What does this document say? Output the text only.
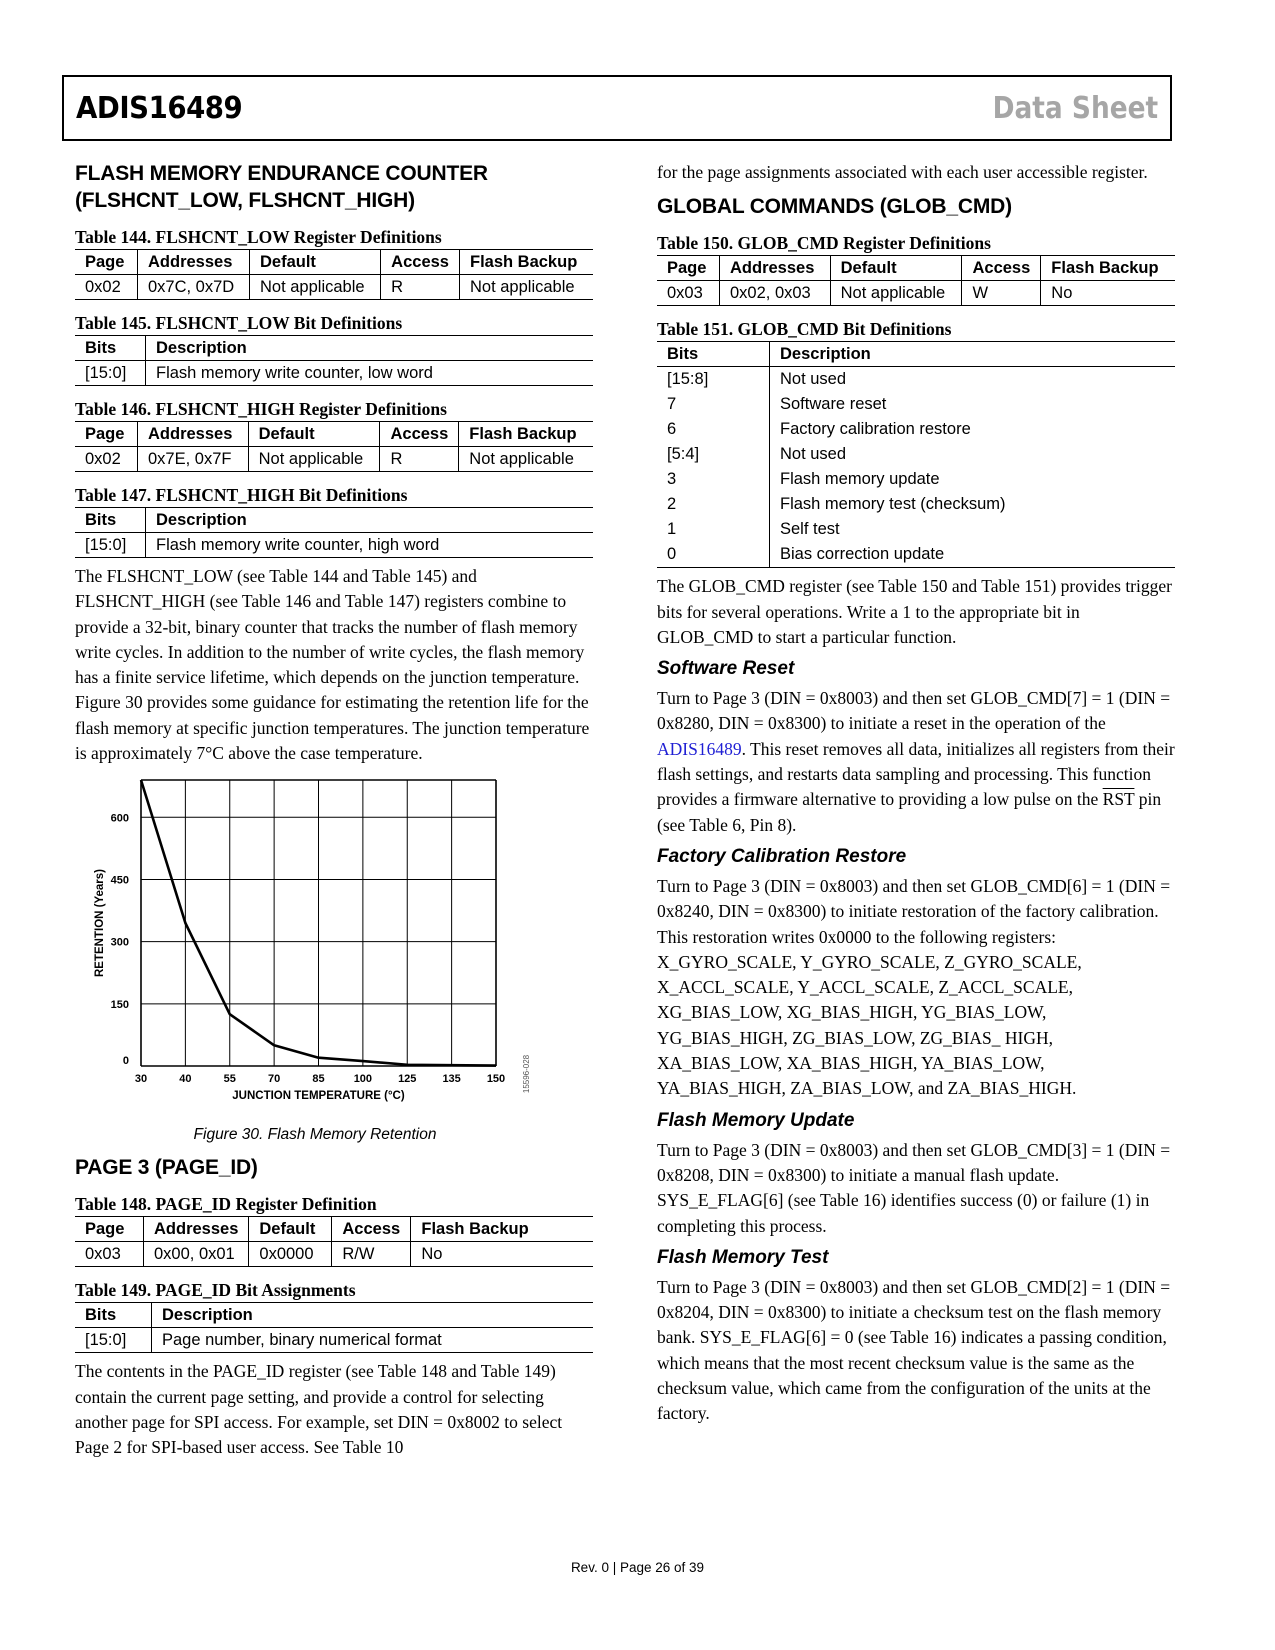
ADIS16489	Data Sheet
FLASH MEMORY ENDURANCE COUNTER (FLSHCNT_LOW, FLSHCNT_HIGH)
Table 144. FLSHCNT_LOW Register Definitions
Page	Addresses	Default	Access	Flash Backup
0x02	0x7C, 0x7D	Not applicable	R	Not applicable
Table 145. FLSHCNT_LOW Bit Definitions
Bits	Description
[15:0]	Flash memory write counter, low word
Table 146. FLSHCNT_HIGH Register Definitions
Page	Addresses	Default	Access	Flash Backup
0x02	0x7E, 0x7F	Not applicable	R	Not applicable
Table 147. FLSHCNT_HIGH Bit Definitions
Bits	Description
[15:0]	Flash memory write counter, high word

The FLSHCNT_LOW (see Table 144 and Table 145) and FLSHCNT_HIGH (see Table 146 and Table 147) registers combine to provide a 32-bit, binary counter that tracks the number of flash memory write cycles. In addition to the number of write cycles, the flash memory has a finite service lifetime, which depends on the junction temperature. Figure 30 provides some guidance for estimating the retention life for the flash memory at specific junction temperatures. The junction temperature is approximately 7°C above the case temperature.

30	40	55	70	85	100 125 135 150
0
150
300
450
600
JUNCTION TEMPERATURE (°C)
RETENTION (Years)
15596-028
Figure 30. Flash Memory Retention
PAGE 3 (PAGE_ID)
Table 148. PAGE_ID Register Definition
Page	Addresses	Default	Access	Flash Backup
0x03	0x00, 0x01	0x0000	R/W	No
Table 149. PAGE_ID Bit Assignments
Bits	Description
[15:0]	Page number, binary numerical format

The contents in the PAGE_ID register (see Table 148 and Table 149) contain the current page setting, and provide a control for selecting another page for SPI access. For example, set DIN = 0x8002 to select Page 2 for SPI-based user access. See Table 10

for the page assignments associated with each user accessible register.

GLOBAL COMMANDS (GLOB_CMD)
Table 150. GLOB_CMD Register Definitions
Page	Addresses	Default	Access	Flash Backup
0x03	0x02, 0x03	Not applicable	W	No
Table 151. GLOB_CMD Bit Definitions
Bits	Description
[15:8]	Not used
7	Software reset
6	Factory calibration restore
[5:4]	Not used
3	Flash memory update
2	Flash memory test (checksum)
1	Self test
0	Bias correction update

The GLOB_CMD register (see Table 150 and Table 151) provides trigger bits for several operations. Write a 1 to the appropriate bit in GLOB_CMD to start a particular function.

Software Reset

Turn to Page 3 (DIN = 0x8003) and then set GLOB_CMD[7] = 1 (DIN = 0x8280, DIN = 0x8300) to initiate a reset in the operation of the ADIS16489. This reset removes all data, initializes all registers from their flash settings, and restarts data sampling and processing. This function provides a firmware alternative to providing a low pulse on the $\overline{RST}$ pin (see Table 6, Pin 8).

Factory Calibration Restore

Turn to Page 3 (DIN = 0x8003) and then set GLOB_CMD[6] = 1 (DIN = 0x8240, DIN = 0x8300) to initiate restoration of the factory calibration. This restoration writes 0x0000 to the following registers: X_GYRO_SCALE, Y_GYRO_SCALE, Z_GYRO_SCALE, X_ACCL_SCALE, Y_ACCL_SCALE, Z_ACCL_SCALE, XG_BIAS_LOW, XG_BIAS_HIGH, YG_BIAS_LOW, YG_BIAS_HIGH, ZG_BIAS_LOW, ZG_BIAS_ HIGH, XA_BIAS_LOW, XA_BIAS_HIGH, YA_BIAS_LOW, YA_BIAS_HIGH, ZA_BIAS_LOW, and ZA_BIAS_HIGH.

Flash Memory Update

Turn to Page 3 (DIN = 0x8003) and then set GLOB_CMD[3] = 1 (DIN = 0x8208, DIN = 0x8300) to initiate a manual flash update. SYS_E_FLAG[6] (see Table 16) identifies success (0) or failure (1) in completing this process.

Flash Memory Test

Turn to Page 3 (DIN = 0x8003) and then set GLOB_CMD[2] = 1 (DIN = 0x8204, DIN = 0x8300) to initiate a checksum test on the flash memory bank. SYS_E_FLAG[6] = 0 (see Table 16) indicates a passing condition, which means that the most recent checksum value is the same as the checksum value, which came from the configuration of the units at the factory.

Rev. 0 | Page 26 of 39
